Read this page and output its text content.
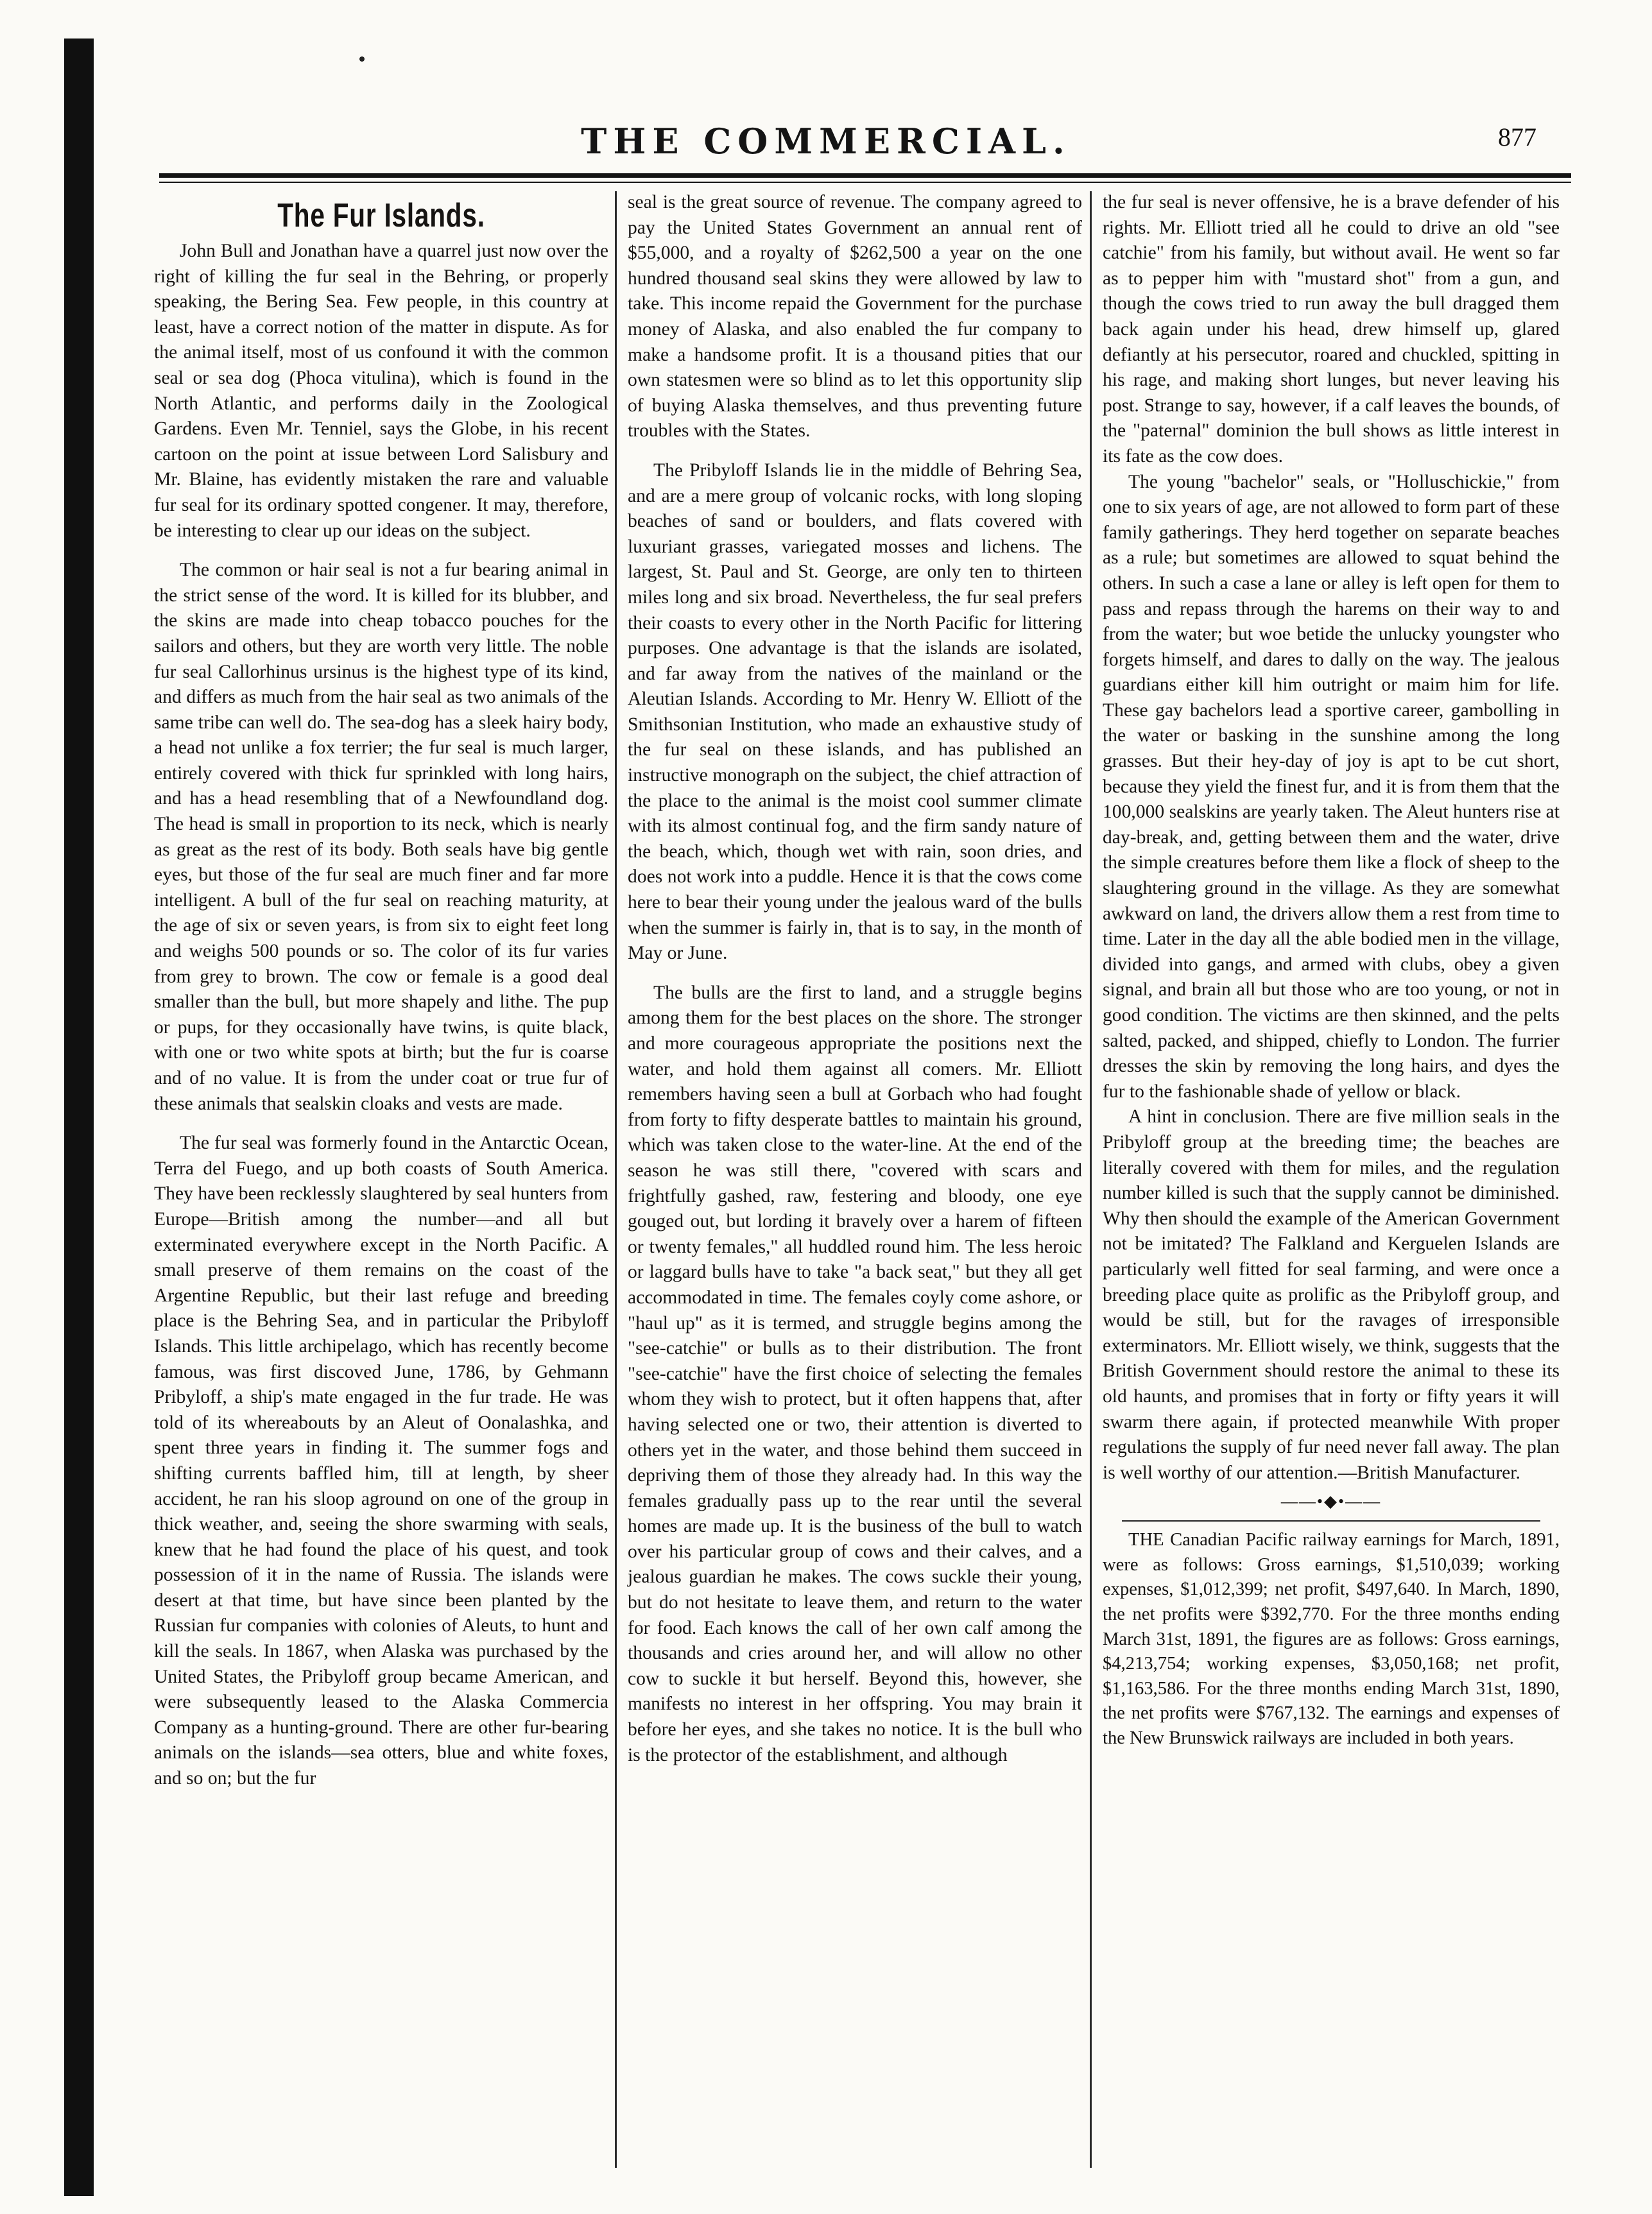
THE COMMERCIAL.	877
The Fur Islands.

John Bull and Jonathan have a quarrel just now over the right of killing the fur seal in the Behring, or properly speaking, the Bering Sea. Few people, in this country at least, have a correct notion of the matter in dispute. As for the animal itself, most of us confound it with the common seal or sea dog (Phoca vitulina), which is found in the North Atlantic, and performs daily in the Zoological Gardens. Even Mr. Tenniel, says the Globe, in his recent cartoon on the point at issue between Lord Salisbury and Mr. Blaine, has evidently mistaken the rare and valuable fur seal for its ordinary spotted congener. It may, therefore, be interesting to clear up our ideas on the subject.

The common or hair seal is not a fur bearing animal in the strict sense of the word. It is killed for its blubber, and the skins are made into cheap tobacco pouches for the sailors and others, but they are worth very little. The noble fur seal Callorhinus ursinus is the highest type of its kind, and differs as much from the hair seal as two animals of the same tribe can well do. The sea-dog has a sleek hairy body, a head not unlike a fox terrier; the fur seal is much larger, entirely covered with thick fur sprinkled with long hairs, and has a head resembling that of a Newfoundland dog. The head is small in proportion to its neck, which is nearly as great as the rest of its body. Both seals have big gentle eyes, but those of the fur seal are much finer and far more intelligent. A bull of the fur seal on reaching maturity, at the age of six or seven years, is from six to eight feet long and weighs 500 pounds or so. The color of its fur varies from grey to brown. The cow or female is a good deal smaller than the bull, but more shapely and lithe. The pup or pups, for they occasionally have twins, is quite black, with one or two white spots at birth; but the fur is coarse and of no value. It is from the under coat or true fur of these animals that sealskin cloaks and vests are made.

The fur seal was formerly found in the Antarctic Ocean, Terra del Fuego, and up both coasts of South America. They have been recklessly slaughtered by seal hunters from Europe—British among the number—and all but exterminated everywhere except in the North Pacific. A small preserve of them remains on the coast of the Argentine Republic, but their last refuge and breeding place is the Behring Sea, and in particular the Pribyloff Islands. This little archipelago, which has recently become famous, was first discoved June, 1786, by Gehmann Pribyloff, a ship's mate engaged in the fur trade. He was told of its whereabouts by an Aleut of Oonalashka, and spent three years in finding it. The summer fogs and shifting currents baffled him, till at length, by sheer accident, he ran his sloop aground on one of the group in thick weather, and, seeing the shore swarming with seals, knew that he had found the place of his quest, and took possession of it in the name of Russia. The islands were desert at that time, but have since been planted by the Russian fur companies with colonies of Aleuts, to hunt and kill the seals. In 1867, when Alaska was purchased by the United States, the Pribyloff group became American, and were subsequently leased to the Alaska Commercia Company as a hunting-ground. There are other fur-bearing animals on the islands—sea otters, blue and white foxes, and so on; but the fur

seal is the great source of revenue. The company agreed to pay the United States Government an annual rent of $55,000, and a royalty of $262,500 a year on the one hundred thousand seal skins they were allowed by law to take. This income repaid the Government for the purchase money of Alaska, and also enabled the fur company to make a handsome profit. It is a thousand pities that our own statesmen were so blind as to let this opportunity slip of buying Alaska themselves, and thus preventing future troubles with the States.

The Pribyloff Islands lie in the middle of Behring Sea, and are a mere group of volcanic rocks, with long sloping beaches of sand or boulders, and flats covered with luxuriant grasses, variegated mosses and lichens. The largest, St. Paul and St. George, are only ten to thirteen miles long and six broad. Nevertheless, the fur seal prefers their coasts to every other in the North Pacific for littering purposes. One advantage is that the islands are isolated, and far away from the natives of the mainland or the Aleutian Islands. According to Mr. Henry W. Elliott of the Smithsonian Institution, who made an exhaustive study of the fur seal on these islands, and has published an instructive monograph on the subject, the chief attraction of the place to the animal is the moist cool summer climate with its almost continual fog, and the firm sandy nature of the beach, which, though wet with rain, soon dries, and does not work into a puddle. Hence it is that the cows come here to bear their young under the jealous ward of the bulls when the summer is fairly in, that is to say, in the month of May or June.

The bulls are the first to land, and a struggle begins among them for the best places on the shore. The stronger and more courageous appropriate the positions next the water, and hold them against all comers. Mr. Elliott remembers having seen a bull at Gorbach who had fought from forty to fifty desperate battles to maintain his ground, which was taken close to the water-line. At the end of the season he was still there, "covered with scars and frightfully gashed, raw, festering and bloody, one eye gouged out, but lording it bravely over a harem of fifteen or twenty females," all huddled round him. The less heroic or laggard bulls have to take "a back seat," but they all get accommodated in time. The females coyly come ashore, or "haul up" as it is termed, and struggle begins among the "see-catchie" or bulls as to their distribution. The front "see-catchie" have the first choice of selecting the females whom they wish to protect, but it often happens that, after having selected one or two, their attention is diverted to others yet in the water, and those behind them succeed in depriving them of those they already had. In this way the females gradually pass up to the rear until the several homes are made up. It is the business of the bull to watch over his particular group of cows and their calves, and a jealous guardian he makes. The cows suckle their young, but do not hesitate to leave them, and return to the water for food. Each knows the call of her own calf among the thousands and cries around her, and will allow no other cow to suckle it but herself. Beyond this, however, she manifests no interest in her offspring. You may brain it before her eyes, and she takes no notice. It is the bull who is the protector of the establishment, and although

the fur seal is never offensive, he is a brave defender of his rights. Mr. Elliott tried all he could to drive an old "see catchie" from his family, but without avail. He went so far as to pepper him with "mustard shot" from a gun, and though the cows tried to run away the bull dragged them back again under his head, drew himself up, glared defiantly at his persecutor, roared and chuckled, spitting in his rage, and making short lunges, but never leaving his post. Strange to say, however, if a calf leaves the bounds, of the "paternal" dominion the bull shows as little interest in its fate as the cow does.

The young "bachelor" seals, or "Holluschickie," from one to six years of age, are not allowed to form part of these family gatherings. They herd together on separate beaches as a rule; but sometimes are allowed to squat behind the others. In such a case a lane or alley is left open for them to pass and repass through the harems on their way to and from the water; but woe betide the unlucky youngster who forgets himself, and dares to dally on the way. The jealous guardians either kill him outright or maim him for life. These gay bachelors lead a sportive career, gambolling in the water or basking in the sunshine among the long grasses. But their hey-day of joy is apt to be cut short, because they yield the finest fur, and it is from them that the 100,000 sealskins are yearly taken. The Aleut hunters rise at day-break, and, getting between them and the water, drive the simple creatures before them like a flock of sheep to the slaughtering ground in the village. As they are somewhat awkward on land, the drivers allow them a rest from time to time. Later in the day all the able bodied men in the village, divided into gangs, and armed with clubs, obey a given signal, and brain all but those who are too young, or not in good condition. The victims are then skinned, and the pelts salted, packed, and shipped, chiefly to London. The furrier dresses the skin by removing the long hairs, and dyes the fur to the fashionable shade of yellow or black.

A hint in conclusion. There are five million seals in the Pribyloff group at the breeding time; the beaches are literally covered with them for miles, and the regulation number killed is such that the supply cannot be diminished. Why then should the example of the American Government not be imitated? The Falkland and Kerguelen Islands are particularly well fitted for seal farming, and were once a breeding place quite as prolific as the Pribyloff group, and would be still, but for the ravages of irresponsible exterminators. Mr. Elliott wisely, we think, suggests that the British Government should restore the animal to these its old haunts, and promises that in forty or fifty years it will swarm there again, if protected meanwhile With proper regulations the supply of fur need never fall away. The plan is well worthy of our attention.—British Manufacturer.

——•◆•——

THE Canadian Pacific railway earnings for March, 1891, were as follows: Gross earnings, $1,510,039; working expenses, $1,012,399; net profit, $497,640. In March, 1890, the net profits were $392,770. For the three months ending March 31st, 1891, the figures are as follows: Gross earnings, $4,213,754; working expenses, $3,050,168; net profit, $1,163,586. For the three months ending March 31st, 1890, the net profits were $767,132. The earnings and expenses of the New Brunswick railways are included in both years.
